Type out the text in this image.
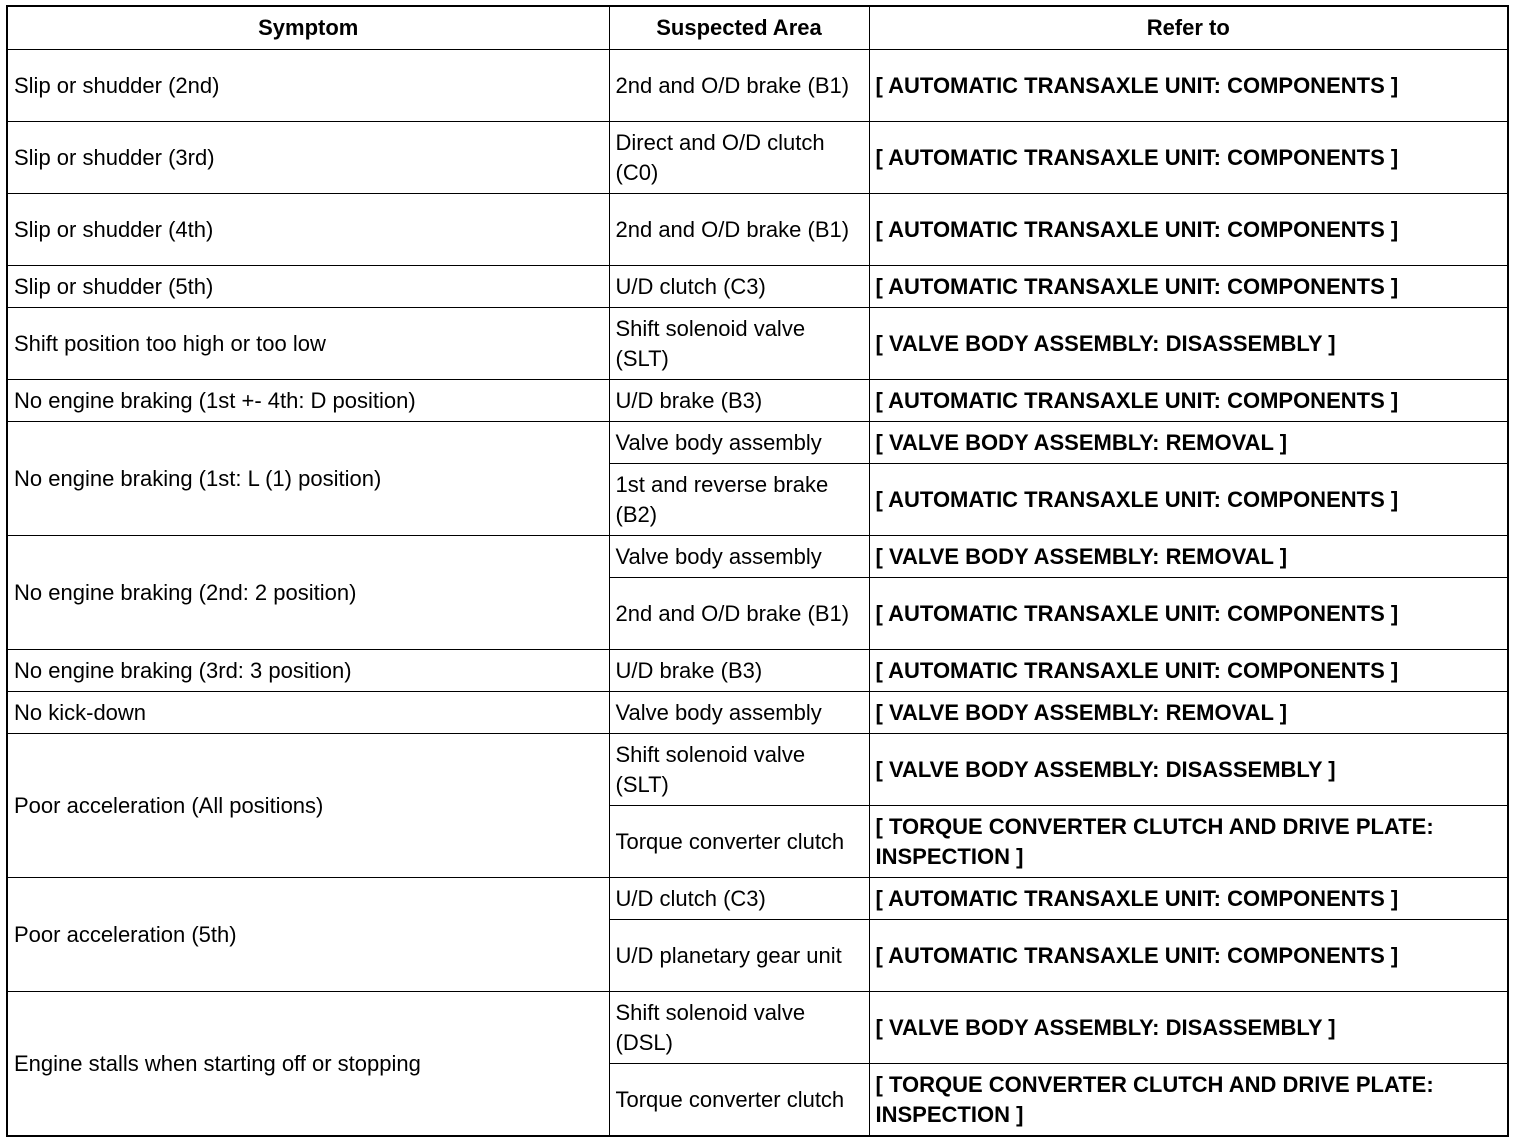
Symptom	Suspected Area	Refer to
Slip or shudder (2nd)	2nd and O/D brake (B1)	[ AUTOMATIC TRANSAXLE UNIT: COMPONENTS ]
Slip or shudder (3rd)	Direct and O/D clutch (C0)	[ AUTOMATIC TRANSAXLE UNIT: COMPONENTS ]
Slip or shudder (4th)	2nd and O/D brake (B1)	[ AUTOMATIC TRANSAXLE UNIT: COMPONENTS ]
Slip or shudder (5th)	U/D clutch (C3)	[ AUTOMATIC TRANSAXLE UNIT: COMPONENTS ]
Shift position too high or too low	Shift solenoid valve (SLT)	[ VALVE BODY ASSEMBLY: DISASSEMBLY ]
No engine braking (1st +- 4th: D position)	U/D brake (B3)	[ AUTOMATIC TRANSAXLE UNIT: COMPONENTS ]
No engine braking (1st: L (1) position)	Valve body assembly	[ VALVE BODY ASSEMBLY: REMOVAL ]
	1st and reverse brake (B2)	[ AUTOMATIC TRANSAXLE UNIT: COMPONENTS ]
No engine braking (2nd: 2 position)	Valve body assembly	[ VALVE BODY ASSEMBLY: REMOVAL ]
	2nd and O/D brake (B1)	[ AUTOMATIC TRANSAXLE UNIT: COMPONENTS ]
No engine braking (3rd: 3 position)	U/D brake (B3)	[ AUTOMATIC TRANSAXLE UNIT: COMPONENTS ]
No kick-down	Valve body assembly	[ VALVE BODY ASSEMBLY: REMOVAL ]
Poor acceleration (All positions)	Shift solenoid valve (SLT)	[ VALVE BODY ASSEMBLY: DISASSEMBLY ]
	Torque converter clutch	[ TORQUE CONVERTER CLUTCH AND DRIVE PLATE: INSPECTION ]
Poor acceleration (5th)	U/D clutch (C3)	[ AUTOMATIC TRANSAXLE UNIT: COMPONENTS ]
	U/D planetary gear unit	[ AUTOMATIC TRANSAXLE UNIT: COMPONENTS ]
Engine stalls when starting off or stopping	Shift solenoid valve (DSL)	[ VALVE BODY ASSEMBLY: DISASSEMBLY ]
	Torque converter clutch	[ TORQUE CONVERTER CLUTCH AND DRIVE PLATE: INSPECTION ]
